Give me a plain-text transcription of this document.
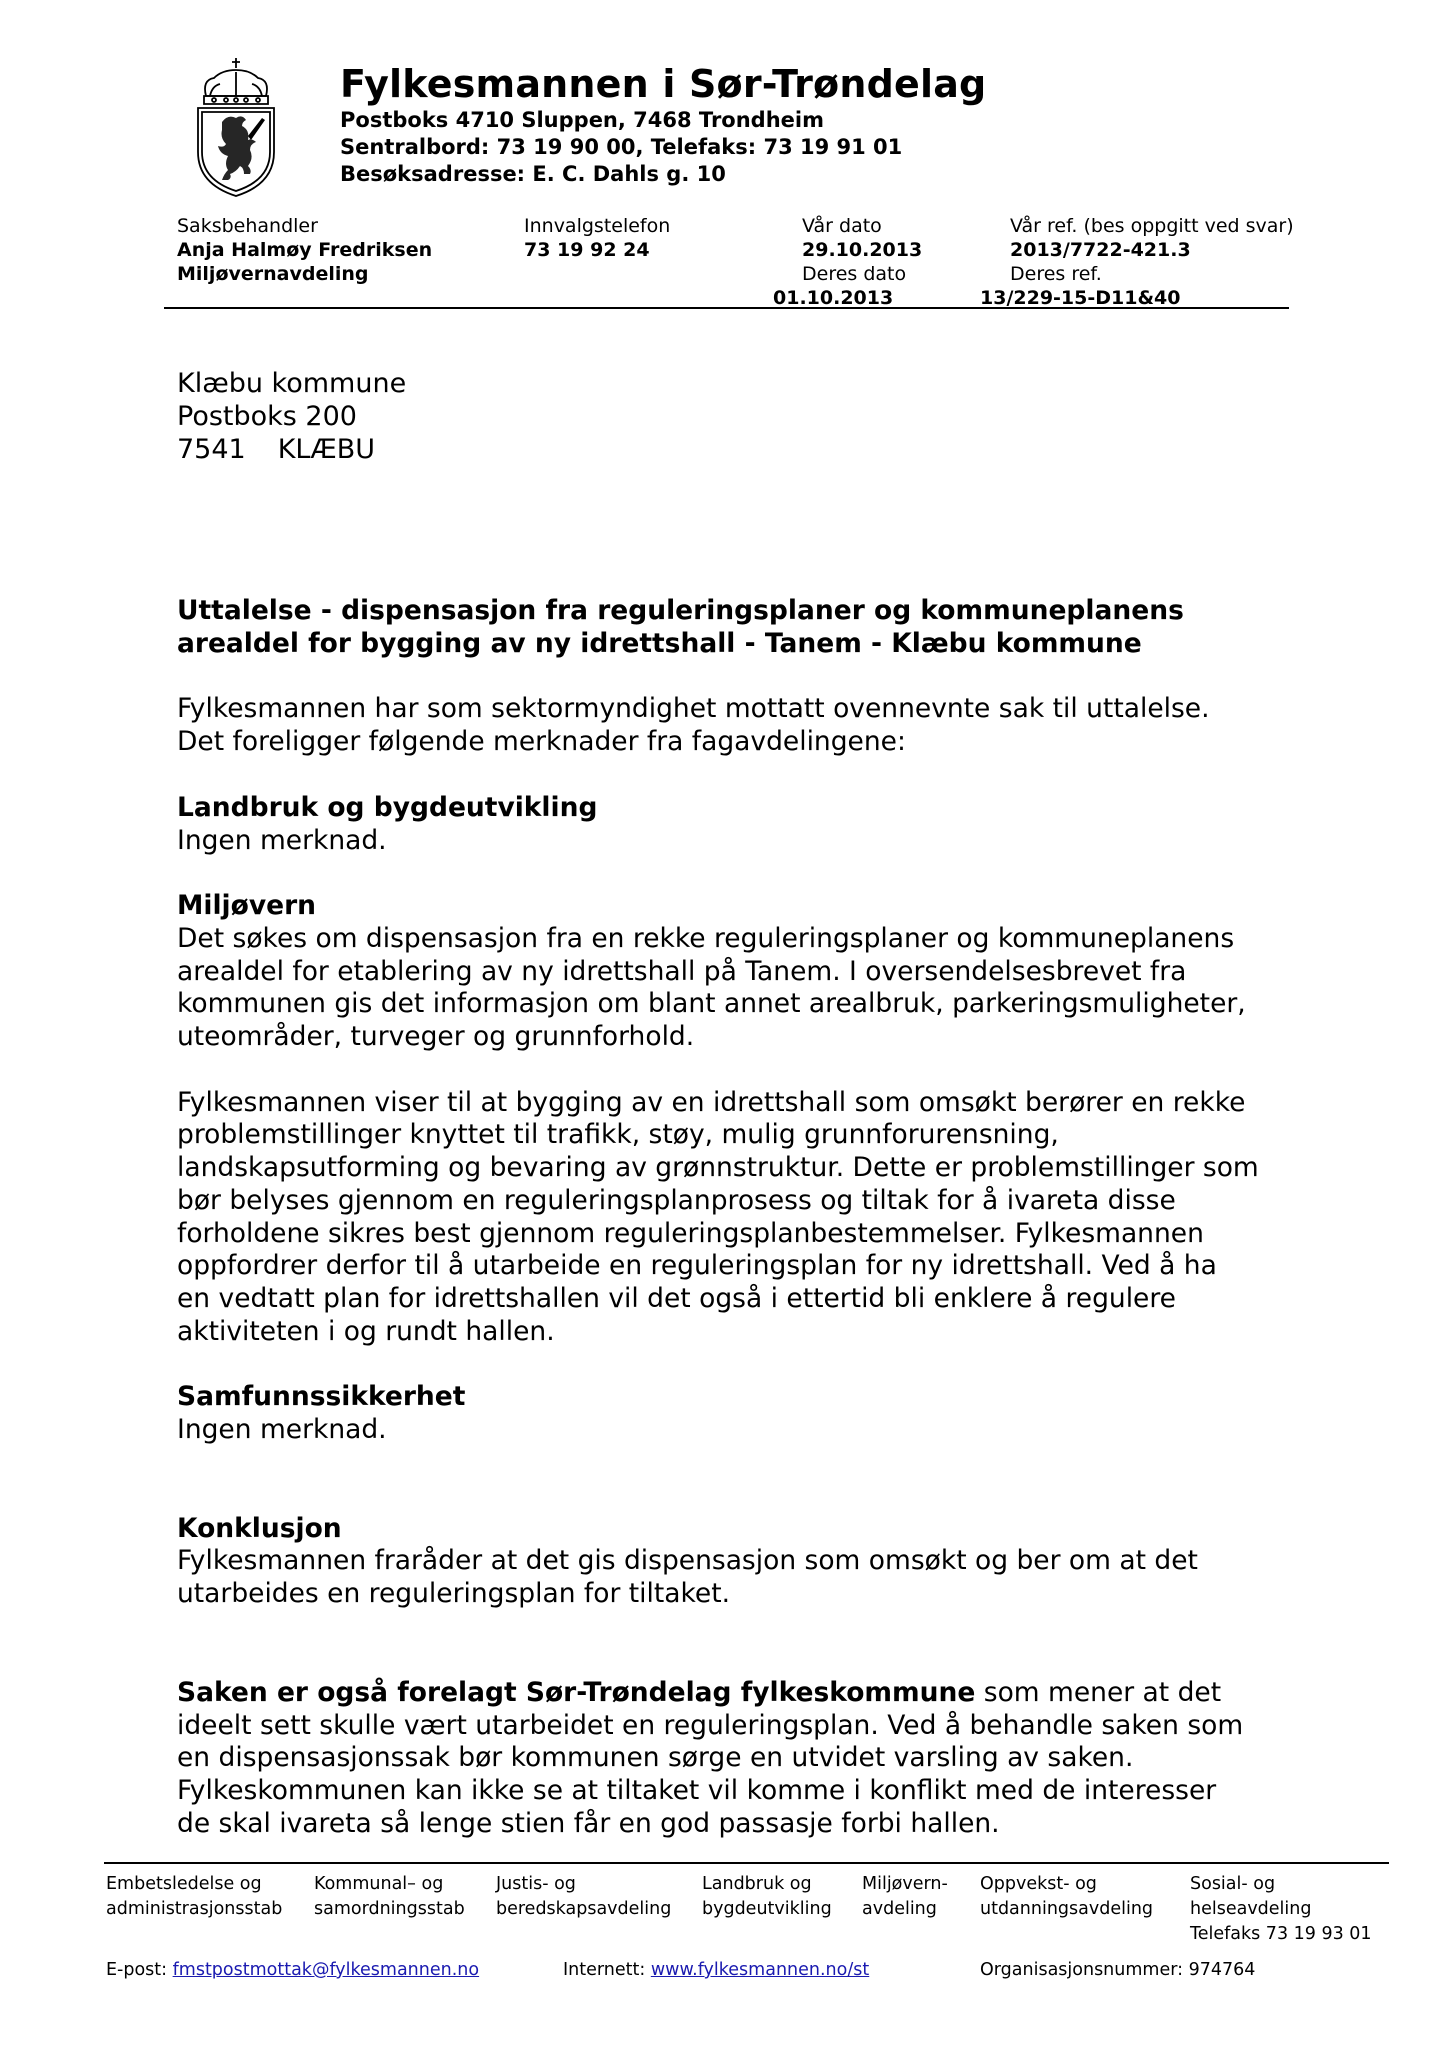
Fylkesmannen i Sør-Trøndelag
Postboks 4710 Sluppen, 7468 Trondheim
Sentralbord: 73 19 90 00, Telefaks: 73 19 91 01
Besøksadresse: E. C. Dahls g. 10
Saksbehandler
Anja Halmøy Fredriksen
Miljøvernavdeling
Innvalgstelefon
73 19 92 24
Vår dato
29.10.2013
Deres dato
01.10.2013
Vår ref. (bes oppgitt ved svar)
2013/7722-421.3
Deres ref.
13/229-15-D11&40
Klæbu kommune
Postboks 200
7541 KLÆBU

Uttalelse - dispensasjon fra reguleringsplaner og kommuneplanens

arealdel for bygging av ny idrettshall - Tanem - Klæbu kommune

Fylkesmannen har som sektormyndighet mottatt ovennevnte sak til uttalelse.

Det foreligger følgende merknader fra fagavdelingene:

Landbruk og bygdeutvikling

Ingen merknad.

Miljøvern

Det søkes om dispensasjon fra en rekke reguleringsplaner og kommuneplanens

arealdel for etablering av ny idrettshall på Tanem. I oversendelsesbrevet fra

kommunen gis det informasjon om blant annet arealbruk, parkeringsmuligheter,

uteområder, turveger og grunnforhold.

Fylkesmannen viser til at bygging av en idrettshall som omsøkt berører en rekke

problemstillinger knyttet til trafikk, støy, mulig grunnforurensning,

landskapsutforming og bevaring av grønnstruktur. Dette er problemstillinger som

bør belyses gjennom en reguleringsplanprosess og tiltak for å ivareta disse

forholdene sikres best gjennom reguleringsplanbestemmelser. Fylkesmannen

oppfordrer derfor til å utarbeide en reguleringsplan for ny idrettshall. Ved å ha

en vedtatt plan for idrettshallen vil det også i ettertid bli enklere å regulere

aktiviteten i og rundt hallen.

Samfunnssikkerhet

Ingen merknad.

Konklusjon

Fylkesmannen fraråder at det gis dispensasjon som omsøkt og ber om at det

utarbeides en reguleringsplan for tiltaket.

Saken er også forelagt Sør-Trøndelag fylkeskommune som mener at det

ideelt sett skulle vært utarbeidet en reguleringsplan. Ved å behandle saken som

en dispensasjonssak bør kommunen sørge en utvidet varsling av saken.

Fylkeskommunen kan ikke se at tiltaket vil komme i konflikt med de interesser

de skal ivareta så lenge stien får en god passasje forbi hallen.

Embetsledelse og
administrasjonsstab
Kommunal– og
samordningsstab
Justis- og
beredskapsavdeling
Landbruk og
bygdeutvikling
Miljøvern-
avdeling
Oppvekst- og
utdanningsavdeling
Sosial- og
helseavdeling
Telefaks 73 19 93 01
E-post: fmstpostmottak@fylkesmannen.no	Internett: www.fylkesmannen.no/st	Organisasjonsnummer: 974764
